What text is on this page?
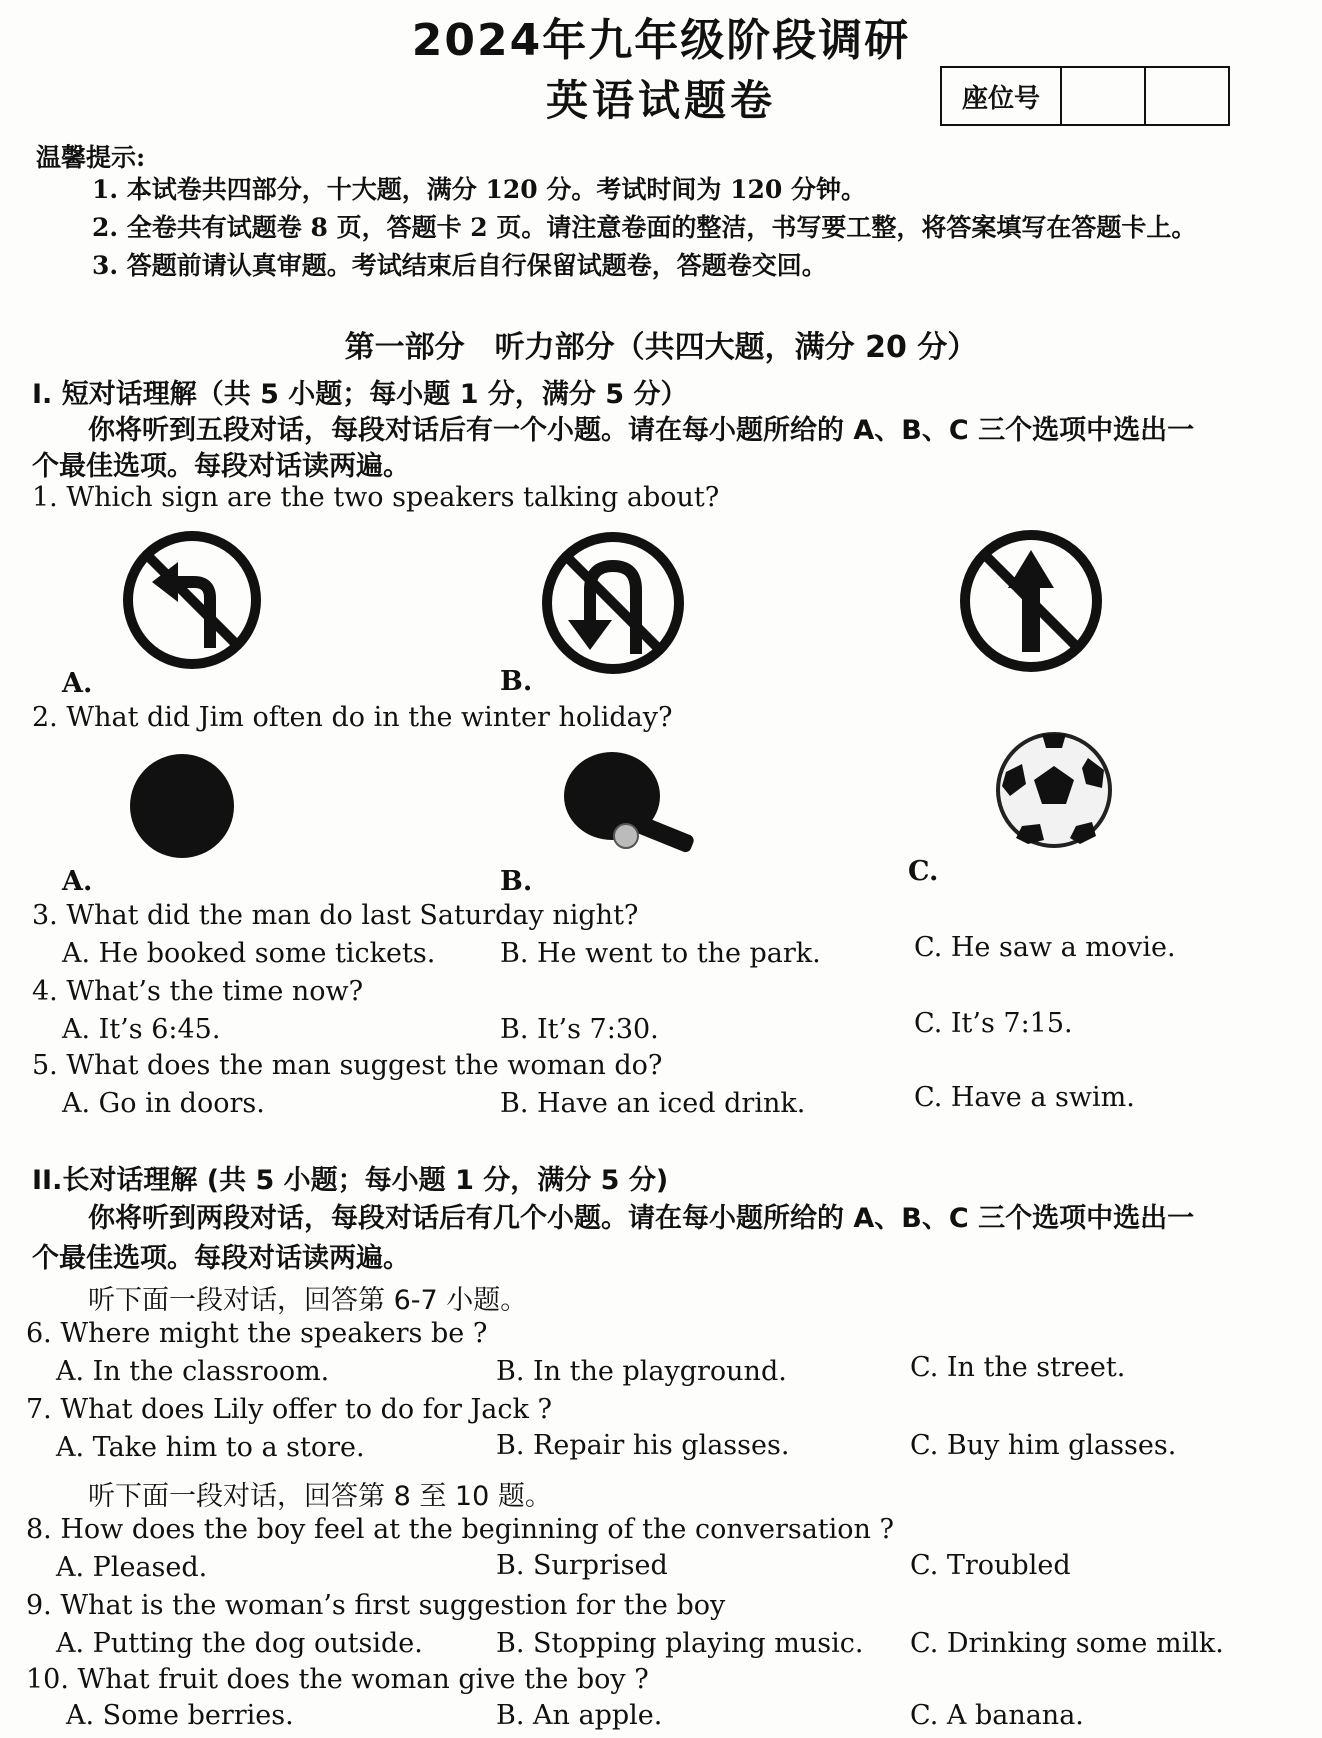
2024年九年级阶段调研
英语试题卷	座位号
温馨提示:
1. 本试卷共四部分，十大题，满分 120 分。考试时间为 120 分钟。
2. 全卷共有试题卷 8 页，答题卡 2 页。请注意卷面的整洁，书写要工整，将答案填写在答题卡上。
3. 答题前请认真审题。考试结束后自行保留试题卷，答题卷交回。
第一部分　听力部分（共四大题，满分 20 分）
I. 短对话理解（共 5 小题；每小题 1 分，满分 5 分）
你将听到五段对话，每段对话后有一个小题。请在每小题所给的 A、B、C 三个选项中选出一
个最佳选项。每段对话读两遍。
1. Which sign are the two speakers talking about?
A.	B.
2. What did Jim often do in the winter holiday?
A.	B.	C.
3. What did the man do last Saturday night?
A. He booked some tickets. B. He went to the park.	C. He saw a movie.
4. What’s the time now?
A. It’s 6:45.	B. It’s 7:30.	C. It’s 7:15.
5. What does the man suggest the woman do?
A. Go in doors.	B. Have an iced drink.	C. Have a swim.
II.长对话理解 (共 5 小题；每小题 1 分，满分 5 分)
你将听到两段对话，每段对话后有几个小题。请在每小题所给的 A、B、C 三个选项中选出一
个最佳选项。每段对话读两遍。
听下面一段对话，回答第 6-7 小题。
6. Where might the speakers be ?
A. In the classroom.	B. In the playground.	C. In the street.
7. What does Lily offer to do for Jack ?
A. Take him to a store.	B. Repair his glasses.	C. Buy him glasses.
听下面一段对话，回答第 8 至 10 题。
8. How does the boy feel at the beginning of the conversation ?
A. Pleased.	B. Surprised	C. Troubled
9. What is the woman’s first suggestion for the boy
A. Putting the dog outside.	B. Stopping playing music. C. Drinking some milk.
10. What fruit does the woman give the boy ?
A. Some berries.	B. An apple.	C. A banana.
